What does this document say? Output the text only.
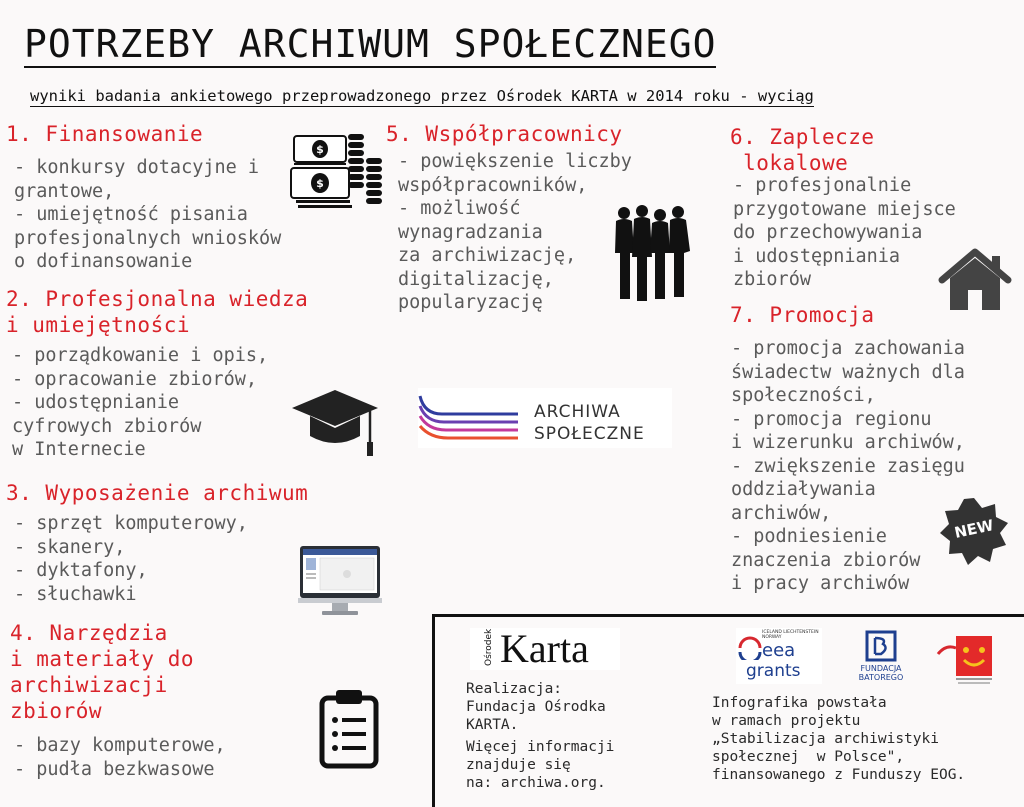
POTRZEBY ARCHIWUM SPOŁECZNEGO
wyniki badania ankietowego przeprowadzonego przez Ośrodek KARTA w 2014 roku - wyciąg
1. Finansowanie
- konkursy dotacyjne i
grantowe,
- umiejętność pisania
profesjonalnych wniosków
o dofinansowanie
$
$
2. Profesjonalna wiedza
i umiejętności
- porządkowanie i opis,
- opracowanie zbiorów,
- udostępnianie
cyfrowych zbiorów
w Internecie
3. Wyposażenie archiwum
- sprzęt komputerowy,
- skanery,
- dyktafony,
- słuchawki
4. Narzędzia
i materiały do
archiwizacji
zbiorów
- bazy komputerowe,
- pudła bezkwasowe
5. Współpracownicy
- powiększenie liczby
współpracowników,
- możliwość
wynagradzania
za archiwizację,
digitalizację,
popularyzację
ARCHIWA
SPOŁECZNE
6. Zaplecze
lokalowe
- profesjonalnie
przygotowane miejsce
do przechowywania
i udostępniania
zbiorów
7. Promocja
- promocja zachowania
świadectw ważnych dla
społeczności,
- promocja regionu
i wizerunku archiwów,
- zwiększenie zasięgu
oddziaływania
archiwów,
- podniesienie
znaczenia zbiorów
i pracy archiwów
NEW
Ośrodek Karta
Realizacja:
Fundacja Ośrodka
KARTA.
Więcej informacji
znajduje się
na: archiwa.org.
ICELAND LIECHTENSTEIN NORWAY
eea
grants	FUNDACJA
BATOREGO
Infografika powstała
w ramach projektu
„Stabilizacja archiwistyki
społecznej  w Polsce",
finansowanego z Funduszy EOG.
